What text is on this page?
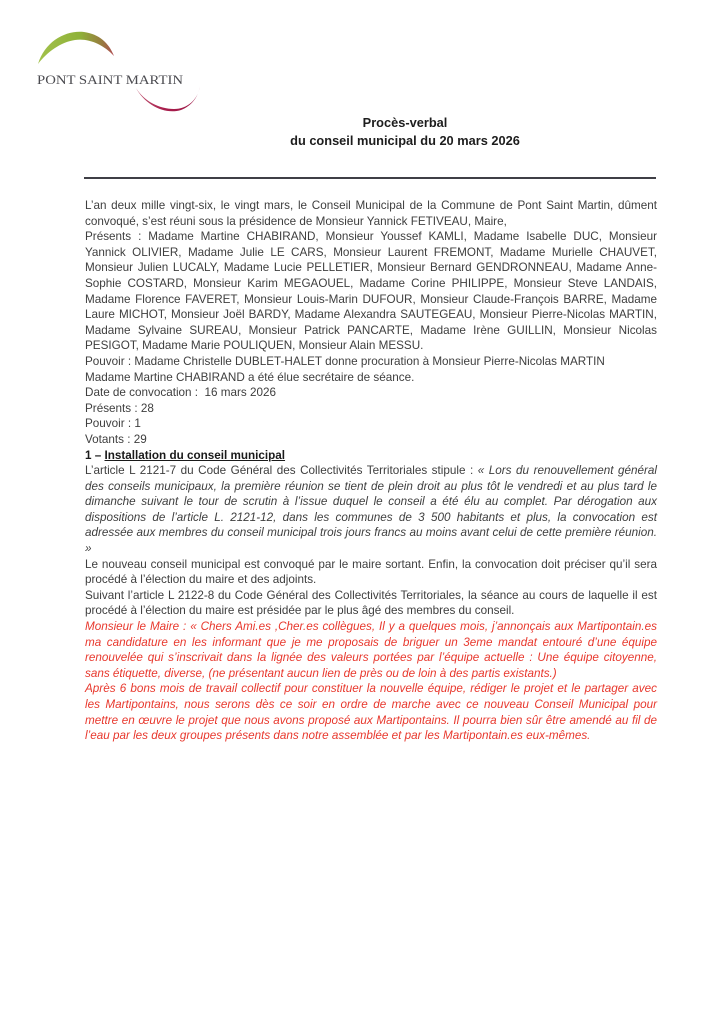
PONT SAINT MARTIN
Procès-verbal
du conseil municipal du 20 mars 2026

L’an deux mille vingt-six, le vingt mars, le Conseil Municipal de la Commune de Pont Saint Martin, dûment convoqué, s’est réuni sous la présidence de Monsieur Yannick FETIVEAU, Maire,

Présents : Madame Martine CHABIRAND, Monsieur Youssef KAMLI, Madame Isabelle DUC, Monsieur Yannick OLIVIER, Madame Julie LE CARS, Monsieur Laurent FREMONT, Madame Murielle CHAUVET, Monsieur Julien LUCALY, Madame Lucie PELLETIER, Monsieur Bernard GENDRONNEAU, Madame Anne-Sophie COSTARD, Monsieur Karim MEGAOUEL, Madame Corine PHILIPPE, Monsieur Steve LANDAIS, Madame Florence FAVERET, Monsieur Louis-Marin DUFOUR, Monsieur Claude-François BARRE, Madame Laure MICHOT, Monsieur Joël BARDY, Madame Alexandra SAUTEGEAU, Monsieur Pierre-Nicolas MARTIN, Madame Sylvaine SUREAU, Monsieur Patrick PANCARTE, Madame Irène GUILLIN, Monsieur Nicolas PESIGOT, Madame Marie POULIQUEN, Monsieur Alain MESSU.

Pouvoir : Madame Christelle DUBLET-HALET donne procuration à Monsieur Pierre-Nicolas MARTIN

Madame Martine CHABIRAND a été élue secrétaire de séance.

Date de convocation :  16 mars 2026

Présents : 28

Pouvoir : 1

Votants : 29

1 – Installation du conseil municipal

L’article L 2121-7 du Code Général des Collectivités Territoriales stipule : « Lors du renouvellement général des conseils municipaux, la première réunion se tient de plein droit au plus tôt le vendredi et au plus tard le dimanche suivant le tour de scrutin à l’issue duquel le conseil a été élu au complet. Par dérogation aux dispositions de l’article L. 2121-12, dans les communes de 3 500 habitants et plus, la convocation est adressée aux membres du conseil municipal trois jours francs au moins avant celui de cette première réunion. »

Le nouveau conseil municipal est convoqué par le maire sortant. Enfin, la convocation doit préciser qu’il sera procédé à l’élection du maire et des adjoints.

Suivant l’article L 2122-8 du Code Général des Collectivités Territoriales, la séance au cours de laquelle il est procédé à l’élection du maire est présidée par le plus âgé des membres du conseil.

Monsieur le Maire : « Chers Ami.es ,Cher.es collègues, Il y a quelques mois, j’annonçais aux Martipontain.es ma candidature en les informant que je me proposais de briguer un 3eme mandat entouré d’une équipe renouvelée qui s’inscrivait dans la lignée des valeurs portées par l’équipe actuelle : Une équipe citoyenne, sans étiquette, diverse, (ne présentant aucun lien de près ou de loin à des partis existants.)

Après 6 bons mois de travail collectif pour constituer la nouvelle équipe, rédiger le projet et le partager avec les Martipontains, nous serons dès ce soir en ordre de marche avec ce nouveau Conseil Municipal pour mettre en œuvre le projet que nous avons proposé aux Martipontains. Il pourra bien sûr être amendé au fil de l’eau par les deux groupes présents dans notre assemblée et par les Martipontain.es eux-mêmes.
